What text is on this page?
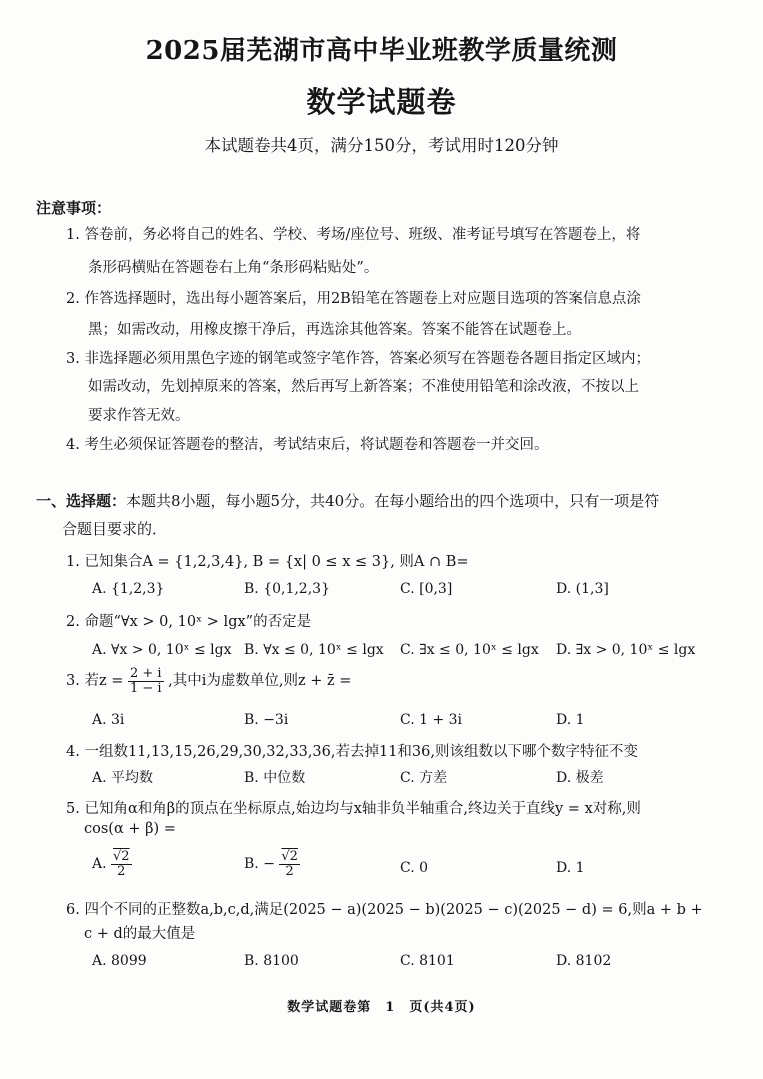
2025届芜湖市高中毕业班教学质量统测
数学试题卷
本试题卷共4页，满分150分，考试用时120分钟
注意事项：
1. 答卷前，务必将自己的姓名、学校、考场/座位号、班级、准考证号填写在答题卷上，将
条形码横贴在答题卷右上角“条形码粘贴处”。
2. 作答选择题时，选出每小题答案后，用2B铅笔在答题卷上对应题目选项的答案信息点涂
黑；如需改动，用橡皮擦干净后，再选涂其他答案。答案不能答在试题卷上。
3. 非选择题必须用黑色字迹的钢笔或签字笔作答，答案必须写在答题卷各题目指定区域内；
如需改动，先划掉原来的答案，然后再写上新答案；不准使用铅笔和涂改液，不按以上
要求作答无效。
4. 考生必须保证答题卷的整洁，考试结束后，将试题卷和答题卷一并交回。
一、选择题：本题共8小题，每小题5分，共40分。在每小题给出的四个选项中，只有一项是符
合题目要求的．
1. 已知集合A = {1,2,3,4}, B = {x| 0 ≤ x ≤ 3}, 则A ∩ B=
A. {1,2,3}	B. {0,1,2,3}	C. [0,3]	D. (1,3]
2. 命题“∀x > 0, 10ˣ > lgx”的否定是
A. ∀x > 0, 10ˣ ≤ lgx B. ∀x ≤ 0, 10ˣ ≤ lgx C. ∃x ≤ 0, 10ˣ ≤ lgx D. ∃x > 0, 10ˣ ≤ lgx
3. 若$z = \frac{2 + i}{1 - i}$ ,其中i为虚数单位,则z + z̄ =
A. 3i	B. −3i	C. 1 + 3i	D. 1
4. 一组数11,13,15,26,29,30,32,33,36,若去掉11和36,则该组数以下哪个数字特征不变
A. 平均数	B. 中位数	C. 方差	D. 极差
5. 已知角α和角β的顶点在坐标原点,始边均与x轴非负半轴重合,终边关于直线y = x对称,则
cos(α + β) =
A. $\frac{√2}{2}$	B. − $\frac{√2}{2}$	C. 0	D. 1
6. 四个不同的正整数a,b,c,d,满足(2025 − a)(2025 − b)(2025 − c)(2025 − d) = 6,则a + b +
c + d的最大值是
A. 8099	B. 8100	C. 8101	D. 8102
数学试题卷第　1　页(共4页)
